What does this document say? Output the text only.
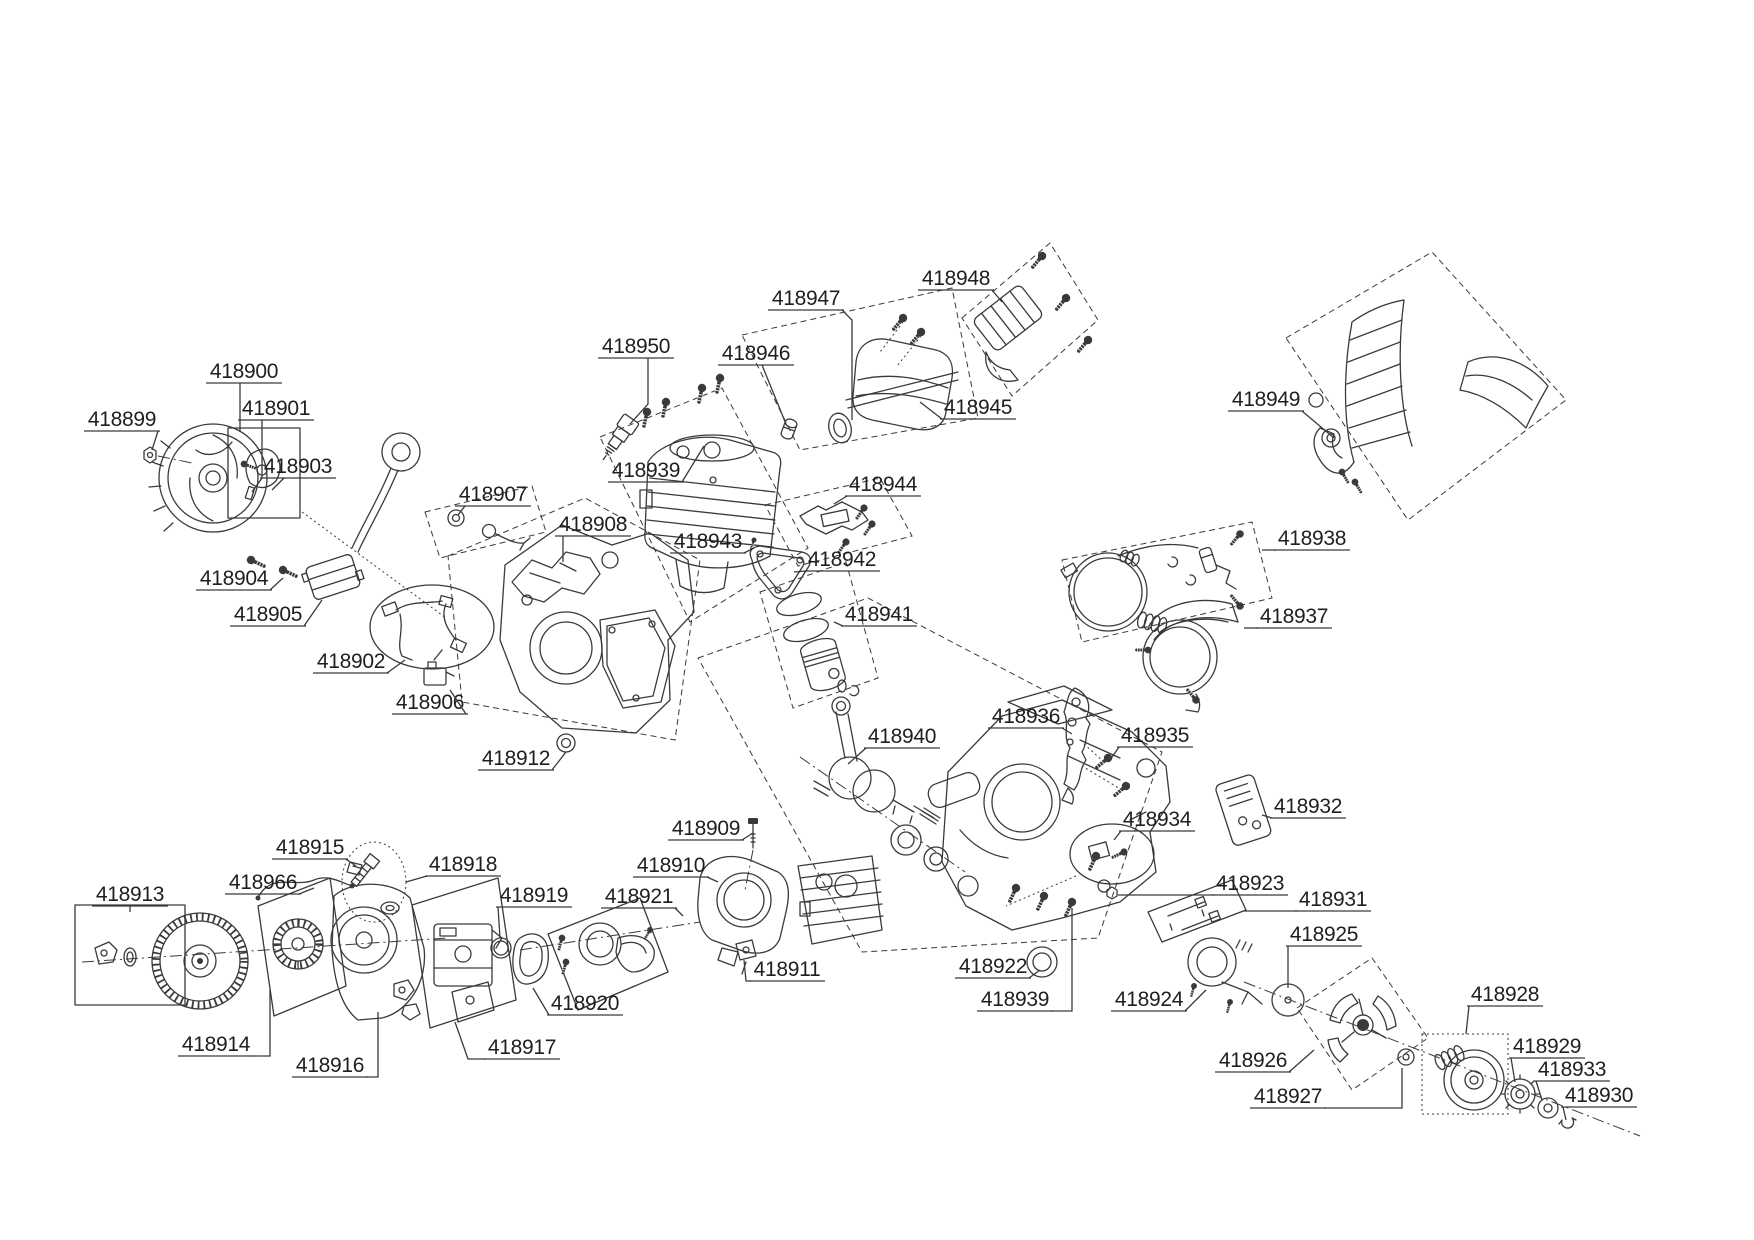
418899
418900
418901
418903
418904
418905
418902
418906
418907
418908
418912
418950 418946
418947
418948
418945
418939
418944
418943
418942
418941
418949
418938
418937
418940
418936
418935
418934
418932
418923
418931
418925
418909
418910
418921
418919
418918
418915
418966
418913
418914
418916
418917
418920
418911	418922
418939	418924
418926
418927
418928
418929
418933
418930
